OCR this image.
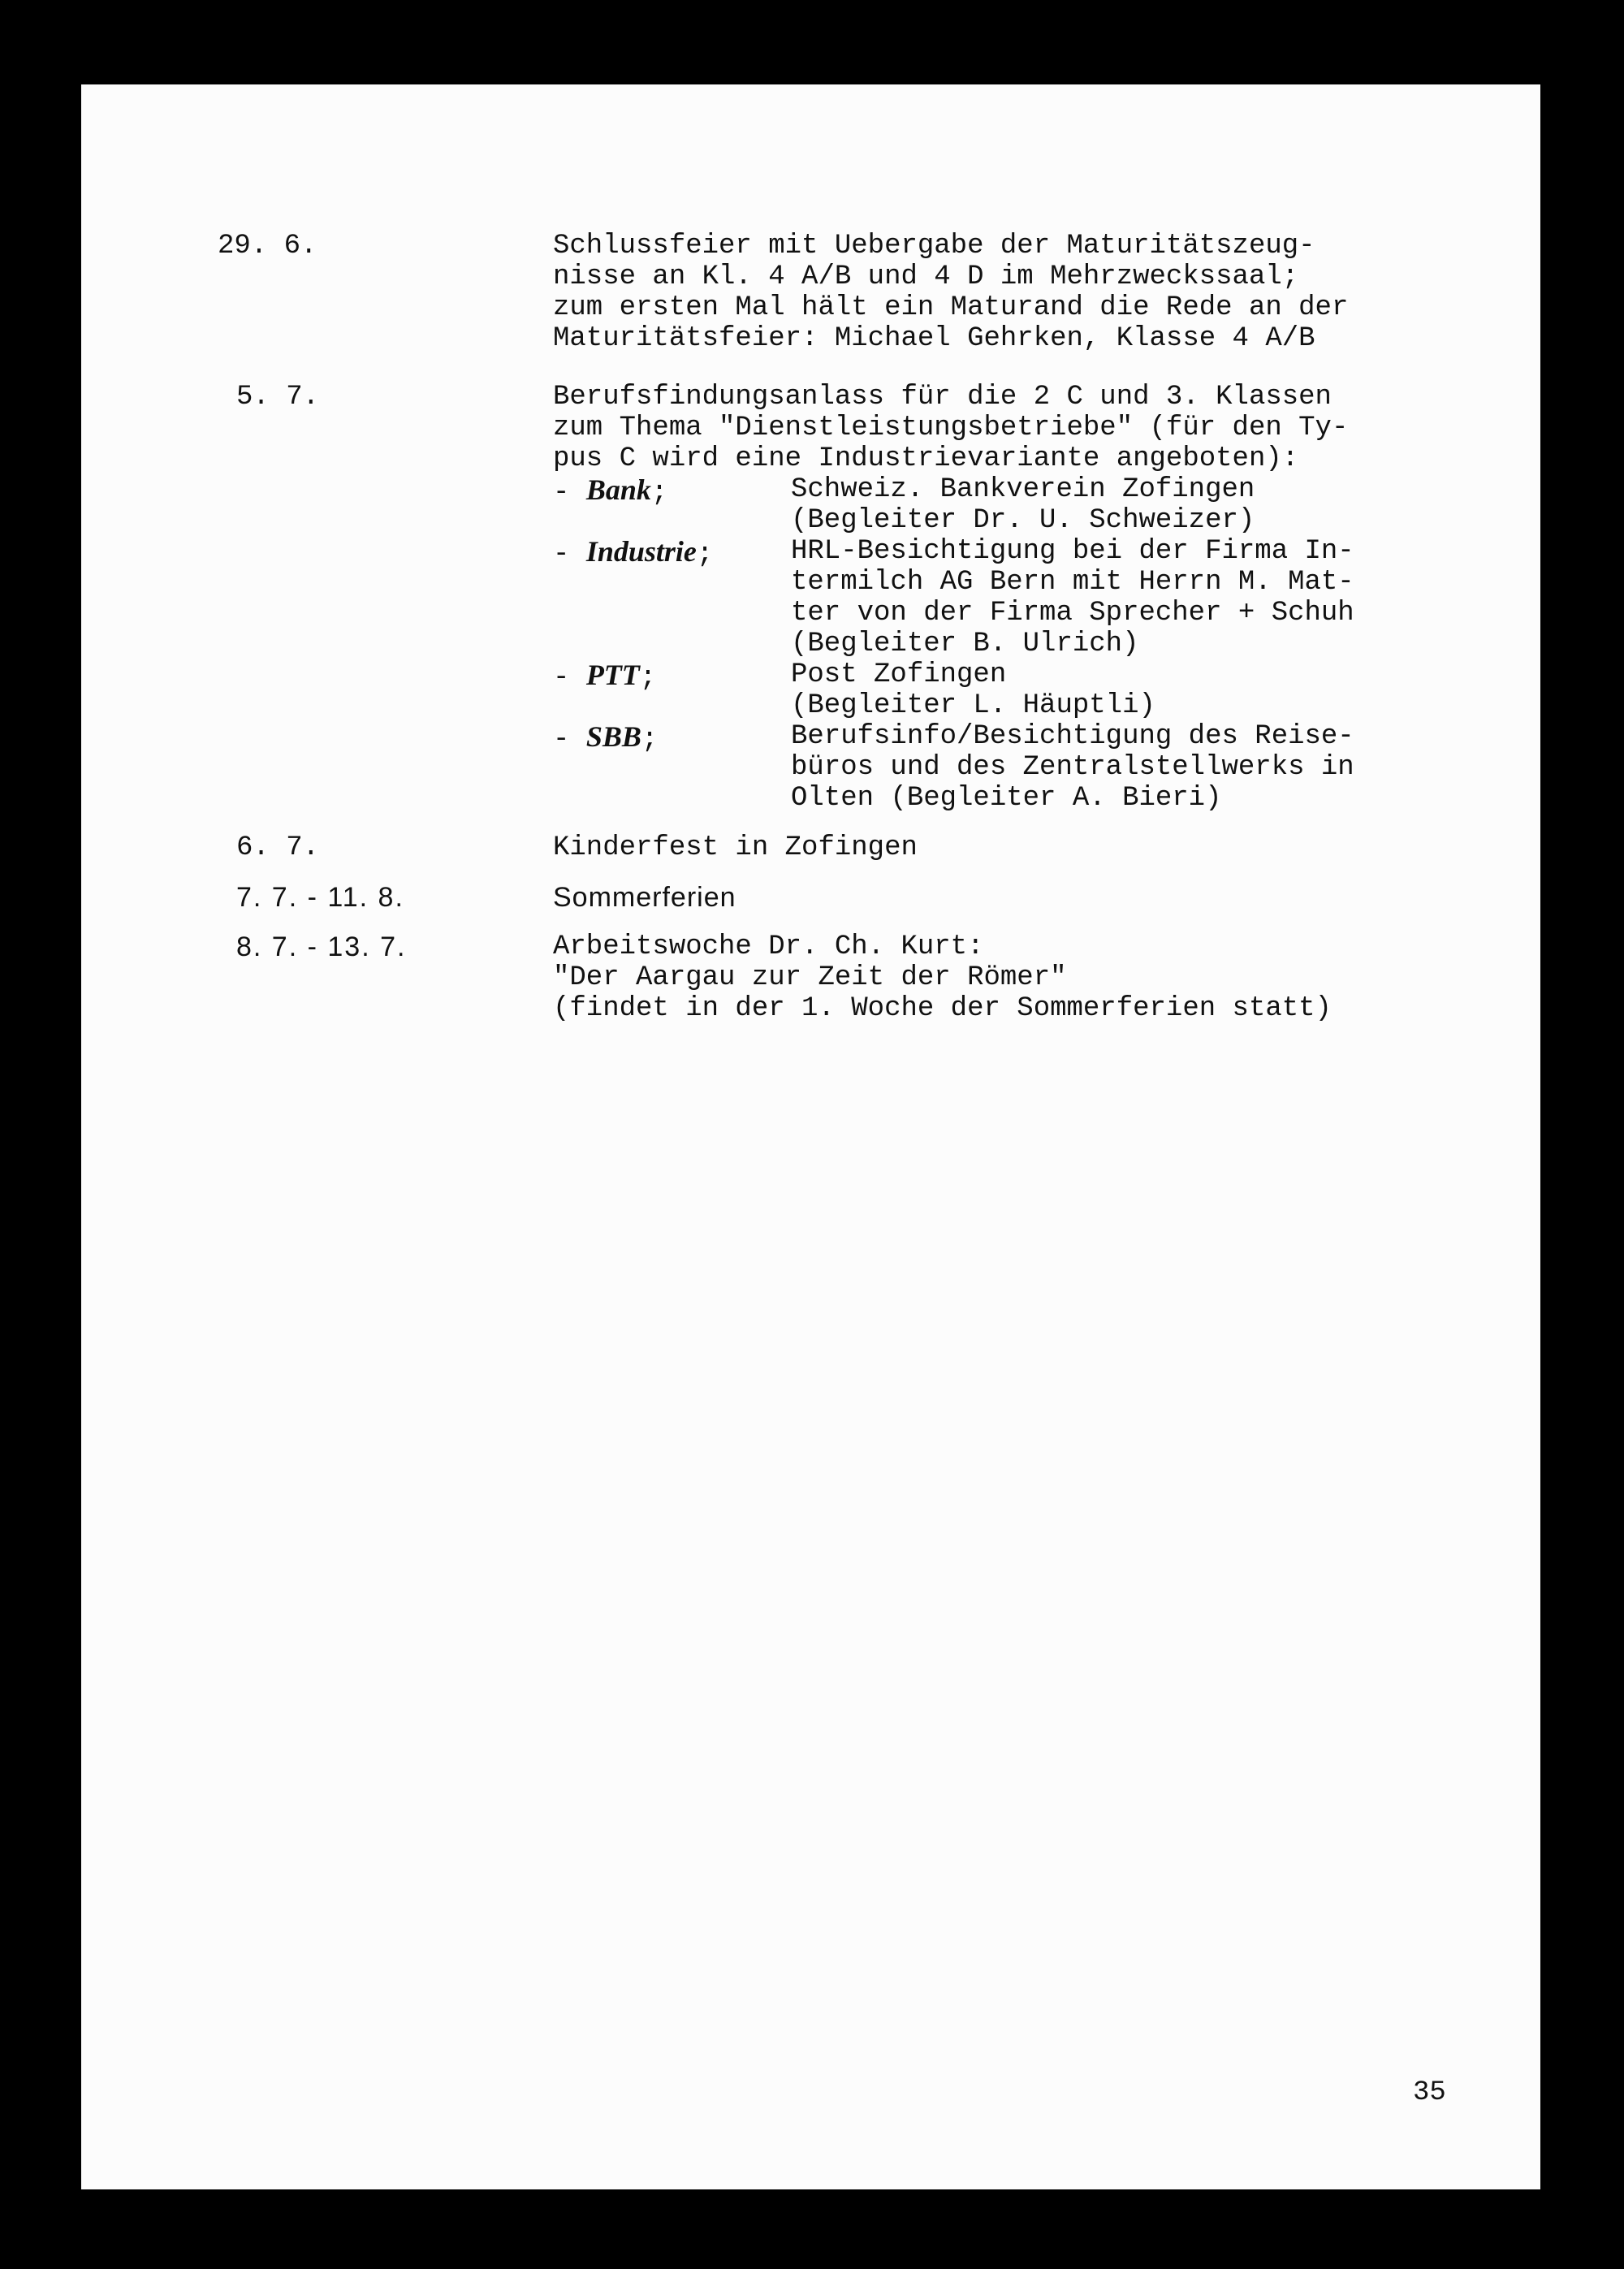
29. 6.	Schlussfeier mit Uebergabe der Maturitätszeug-
nisse an Kl. 4 A/B und 4 D im Mehrzweckssaal;
zum ersten Mal hält ein Maturand die Rede an der
Maturitätsfeier: Michael Gehrken, Klasse 4 A/B
5. 7.	Berufsfindungsanlass für die 2 C und 3. Klassen
zum Thema "Dienstleistungsbetriebe" (für den Ty-
pus C wird eine Industrievariante angeboten):
- Bank;	Schweiz. Bankverein Zofingen
(Begleiter Dr. U. Schweizer)
- Industrie;	HRL-Besichtigung bei der Firma In-
termilch AG Bern mit Herrn M. Mat-
ter von der Firma Sprecher + Schuh
(Begleiter B. Ulrich)
- PTT;	Post Zofingen
(Begleiter L. Häuptli)
- SBB;	Berufsinfo/Besichtigung des Reise-
büros und des Zentralstellwerks in
Olten (Begleiter A. Bieri)
6. 7.	Kinderfest in Zofingen
7. 7. - 11. 8.	Sommerferien
8. 7. - 13. 7.	Arbeitswoche Dr. Ch. Kurt:
"Der Aargau zur Zeit der Römer"
(findet in der 1. Woche der Sommerferien statt)
35
